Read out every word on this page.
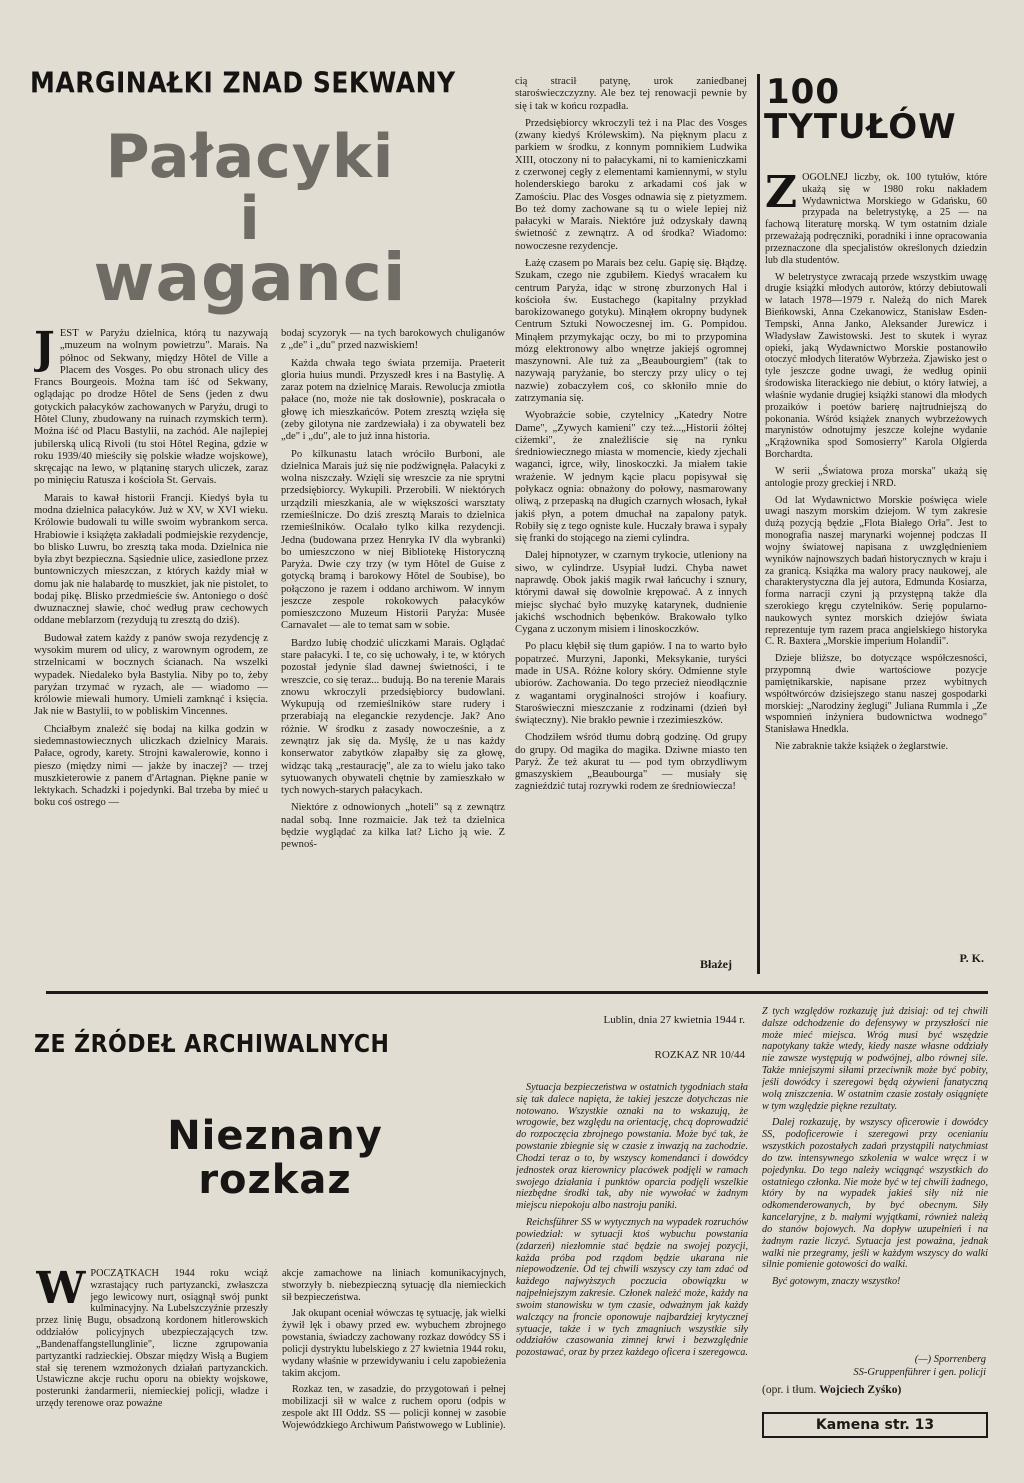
MARGINAŁKI ZNAD SEKWANY
Pałacyki
i
waganci

JEST w Paryżu dzielnica, którą tu nazywają „muzeum na wolnym powietrzu". Marais. Na północ od Sekwany, między Hôtel de Ville a Placem des Vosges. Po obu stronach ulicy des Francs Bourgeois. Można tam iść od Sekwany, oglądając po drodze Hôtel de Sens (jeden z dwu gotyckich pałacyków zachowanych w Paryżu, drugi to Hôtel Cluny, zbudowany na ruinach rzymskich term). Można iść od Placu Bastylii, na zachód. Ale najlepiej jubilerską ulicą Rivoli (tu stoi Hôtel Regina, gdzie w roku 1939/40 mieściły się polskie władze wojskowe), skręcając na lewo, w plątaninę starych uliczek, zaraz po minięciu Ratusza i kościoła St. Gervais.

Marais to kawał historii Francji. Kiedyś była tu modna dzielnica pałacyków. Już w XV, w XVI wieku. Królowie budowali tu wille swoim wybrankom serca. Hrabiowie i książęta zakładali podmiejskie rezydencje, bo blisko Luwru, bo zresztą taka moda. Dzielnica nie była zbyt bezpieczna. Sąsiednie ulice, zasiedlone przez buntowniczych mieszczan, z których każdy miał w domu jak nie halabardę to muszkiet, jak nie pistolet, to bodaj pikę. Blisko przedmieście św. Antoniego o dość dwuznacznej sławie, choć według praw cechowych oddane meblarzom (rezydują tu zresztą do dziś).

Budował zatem każdy z panów swoja rezydencję z wysokim murem od ulicy, z warownym ogrodem, ze strzelnicami w bocznych ścianach. Na wszelki wypadek. Niedaleko była Bastylia. Niby po to, żeby paryżan trzymać w ryzach, ale — wiadomo — królowie miewali humory. Umieli zamknąć i księcia. Jak nie w Bastylii, to w pobliskim Vincennes.

Chciałbym znaleźć się bodaj na kilka godzin w siedemnastowiecznych uliczkach dzielnicy Marais. Pałace, ogrody, karety. Strojni kawalerowie, konno i pieszo (między nimi — jakże by inaczej? — trzej muszkieterowie z panem d'Artagnan. Piękne panie w lektykach. Schadzki i pojedynki. Bal trzeba by mieć u boku coś ostrego —

bodaj scyzoryk — na tych barokowych chuliganów z „de" i „du" przed nazwiskiem!

Każda chwała tego świata przemija. Praeterit gloria huius mundi. Przyszedł kres i na Bastylię. A zaraz potem na dzielnicę Marais. Rewolucja zmiotła pałace (no, może nie tak dosłownie), poskracała o głowę ich mieszkańców. Potem zresztą wzięła się (zeby gilotyna nie zardzewiała) i za obywateli bez „de" i „du", ale to już inna historia.

Po kilkunastu latach wróciło Burboni, ale dzielnica Marais już się nie podźwignęła. Pałacyki z wolna niszczały. Wzięli się wreszcie za nie sprytni przedsiębiorcy. Wykupili. Przerobili. W niektórych urządzili mieszkania, ale w większości warsztaty rzemieślnicze. Do dziś zresztą Marais to dzielnica rzemieślników. Ocalało tylko kilka rezydencji. Jedna (budowana przez Henryka IV dla wybranki) bo umieszczono w niej Bibliotekę Historyczną Paryża. Dwie czy trzy (w tym Hôtel de Guise z gotycką bramą i barokowy Hôtel de Soubise), bo połączono je razem i oddano archiwom. W innym jeszcze zespole rokokowych pałacyków pomieszczono Muzeum Historii Paryża: Musée Carnavalet — ale to temat sam w sobie.

Bardzo lubię chodzić uliczkami Marais. Oglądać stare pałacyki. I te, co się uchowały, i te, w których pozostał jedynie ślad dawnej świetności, i te wreszcie, co się teraz... budują. Bo na terenie Marais znowu wkroczyli przedsiębiorcy budowlani. Wykupują od rzemieślników stare rudery i przerabiają na eleganckie rezydencje. Jak? Ano różnie. W środku z zasady nowocześnie, a z zewnątrz jak się da. Myślę, że u nas każdy konserwator zabytków złapałby się za głowę, widząc taką „restaurację", ale za to wielu jako tako sytuowanych obywateli chętnie by zamieszkało w tych nowych-starych pałacykach.

Niektóre z odnowionych „hoteli" są z zewnątrz nadal sobą. Inne rozmaicie. Jak też ta dzielnica będzie wyglądać za kilka lat? Licho ją wie. Z pewnoś-

cią stracił patynę, urok zaniedbanej staroświeczczyzny. Ale bez tej renowacji pewnie by się i tak w końcu rozpadła.

Przedsiębiorcy wkroczyli też i na Plac des Vosges (zwany kiedyś Królewskim). Na pięknym placu z parkiem w środku, z konnym pomnikiem Ludwika XIII, otoczony ni to pałacykami, ni to kamieniczkami z czerwonej cegły z elementami kamiennymi, w stylu holenderskiego baroku z arkadami coś jak w Zamościu. Plac des Vosges odnawia się z pietyzmem. Bo też domy zachowane są tu o wiele lepiej niż pałacyki w Marais. Niektóre już odzyskały dawną świetność z zewnątrz. A od środka? Wiadomo: nowoczesne rezydencje.

Łażę czasem po Marais bez celu. Gapię się. Błądzę. Szukam, czego nie zgubiłem. Kiedyś wracałem ku centrum Paryża, idąc w stronę zburzonych Hal i kościoła św. Eustachego (kapitalny przykład barokizowanego gotyku). Minąłem okropny budynek Centrum Sztuki Nowoczesnej im. G. Pompidou. Minąłem przymykając oczy, bo mi to przypomina mózg elektronowy albo wnętrze jakiejś ogromnej maszynowni. Ale tuż za „Beaubourgiem" (tak to nazywają paryżanie, bo sterczy przy ulicy o tej nazwie) zobaczyłem coś, co skłoniło mnie do zatrzymania się.

Wyobraźcie sobie, czytelnicy „Katedry Notre Dame", „Zywych kamieni" czy też...„Historii żółtej ciżemki", że znaleźliście się na rynku średniowiecznego miasta w momencie, kiedy zjechali waganci, igrce, wiły, linoskoczki. Ja miałem takie wrażenie. W jednym kącie placu popisywał się połykacz ognia: obnażony do połowy, nasmarowany oliwą, z przepaską na długich czarnych włosach, łykał jakiś płyn, a potem dmuchał na zapalony patyk. Robiły się z tego ogniste kule. Huczały brawa i sypały się franki do stojącego na ziemi cylindra.

Dalej hipnotyzer, w czarnym trykocie, utleniony na siwo, w cylindrze. Usypiał ludzi. Chyba nawet naprawdę. Obok jakiś magik rwał łańcuchy i sznury, którymi dawał się dowolnie krępować. A z innych miejsc słychać było muzykę katarynek, dudnienie jakichś wschodnich bębenków. Brakowało tylko Cygana z uczonym misiem i linoskoczków.

Po placu kłębił się tłum gapiów. I na to warto było popatrzeć. Murzyni, Japonki, Meksykanie, turyści made in USA. Różne kolory skóry. Odmienne style ubiorów. Zachowania. Do tego przecież nieodłącznie z wagantami oryginalności strojów i koafiury. Staroświeczni mieszczanie z rodzinami (dzień był świąteczny). Nie brakło pewnie i rzezimieszków.

Chodziłem wśród tłumu dobrą godzinę. Od grupy do grupy. Od magika do magika. Dziwne miasto ten Paryż. Że też akurat tu — pod tym obrzydliwym gmaszyskiem „Beaubourga" — musiały się zagnieździć tutaj rozrywki rodem ze średniowiecza!

Błażej
100
TYTUŁÓW

ZOGÓLNEJ liczby, ok. 100 tytułów, które ukażą się w 1980 roku nakładem Wydawnictwa Morskiego w Gdańsku, 60 przypada na beletrystykę, a 25 — na fachową literaturę morską. W tym ostatnim dziale przeważają podręczniki, poradniki i inne opracowania przeznaczone dla specjalistów określonych dziedzin lub dla studentów.

W beletrystyce zwracają przede wszystkim uwagę drugie książki młodych autorów, którzy debiutowali w latach 1978—1979 r. Należą do nich Marek Bieńkowski, Anna Czekanowicz, Stanisław Esden-Tempski, Anna Janko, Aleksander Jurewicz i Władysław Zawistowski. Jest to skutek i wyraz opieki, jaką Wydawnictwo Morskie postanowiło otoczyć młodych literatów Wybrzeża. Zjawisko jest o tyle jeszcze godne uwagi, że według opinii środowiska literackiego nie debiut, o który łatwiej, a właśnie wydanie drugiej książki stanowi dla młodych prozaików i poetów barierę najtrudniejszą do pokonania. Wśród książek znanych wybrzeżowych marynistów odnotujmy jeszcze kolejne wydanie „Krążownika spod Somosierry" Karola Olgierda Borchardta.

W serii „Światowa proza morska" ukażą się antologie prozy greckiej i NRD.

Od lat Wydawnictwo Morskie poświęca wiele uwagi naszym morskim dziejom. W tym zakresie dużą pozycją będzie „Flota Białego Orła". Jest to monografia naszej marynarki wojennej podczas II wojny światowej napisana z uwzględnieniem wyników najnowszych badań historycznych w kraju i za granicą. Książka ma walory pracy naukowej, ale charakterystyczna dla jej autora, Edmunda Kosiarza, forma narracji czyni ją przystępną także dla szerokiego kręgu czytelników. Serię popularno-naukowych syntez morskich dziejów świata reprezentuje tym razem praca angielskiego historyka C. R. Baxtera „Morskie imperium Holandii".

Dzieje bliższe, bo dotyczące współczesności, przypomną dwie wartościowe pozycje pamiętnikarskie, napisane przez wybitnych współtwórców dzisiejszego stanu naszej gospodarki morskiej: „Narodziny żeglugi" Juliana Rummla i „Ze wspomnień inżyniera budownictwa wodnego" Stanisława Hnedkla.

Nie zabraknie także książek o żeglarstwie.

P. K.
ZE ŹRÓDEŁ ARCHIWALNYCH
Nieznany
rozkaz

WPOCZĄTKACH 1944 roku wciąż wzrastający ruch partyzancki, zwłaszcza jego lewicowy nurt, osiągnął swój punkt kulminacyjny. Na Lubelszczyźnie przeszły przez linię Bugu, obsadzoną kordonem hitlerowskich oddziałów policyjnych ubezpieczających tzw. „Bandenaffangstellunglinie", liczne zgrupowania partyzantki radzieckiej. Obszar między Wisłą a Bugiem stał się terenem wzmożonych działań partyzanckich. Ustawiczne akcje ruchu oporu na obiekty wojskowe, posterunki żandarmerii, niemieckiej policji, władze i urzędy terenowe oraz poważne

akcje zamachowe na liniach komunikacyjnych, stworzyły b. niebezpieczną sytuację dla niemieckich sił bezpieczeństwa.

Jak okupant oceniał wówczas tę sytuację, jak wielki żywił lęk i obawy przed ew. wybuchem zbrojnego powstania, świadczy zachowany rozkaz dowódcy SS i policji dystryktu lubelskiego z 27 kwietnia 1944 roku, wydany właśnie w przewidywaniu i celu zapobieżenia takim akcjom.

Rozkaz ten, w zasadzie, do przygotowań i pełnej mobilizacji sił w walce z ruchem oporu (odpis w zespole akt III Oddz. SS — policji konnej w zasobie Wojewódzkiego Archiwum Państwowego w Lublinie).

Lublin, dnia 27 kwietnia 1944 r.
ROZKAZ NR 10/44

Sytuacja bezpieczeństwa w ostatnich tygodniach stała się tak dalece napięta, że takiej jeszcze dotychczas nie notowano. Wszystkie oznaki na to wskazują, że wrogowie, bez względu na orientację, chcą doprowadzić do rozpoczęcia zbrojnego powstania. Może być tak, że powstanie zbiegnie się w czasie z inwazją na zachodzie. Chodzi teraz o to, by wszyscy komendanci i dowódcy jednostek oraz kierownicy placówek podjęli w ramach swojego działania i punktów oparcia podjęli wszelkie niezbędne środki tak, aby nie wywołać w żadnym miejscu niepokoju albo nastroju paniki.

Reichsführer SS w wytycznych na wypadek rozruchów powiedział: w sytuacji ktoś wybuchu powstania (zdarzeń) niezłomnie stać będzie na swojej pozycji, każda próba pod rządom będzie ukarana nie niepowodzenie. Od tej chwili wszyscy czy tam zdać od każdego najwyższych poczucia obowiązku w najpełniejszym zakresie. Członek należć może, każdy na swoim stanowisku w tym czasie, odważnym jak każdy walczący na froncie oponowuje najbardziej krytycznej sytuacje, także i w tych zmagniuch wszystkie siły oddziałów czasowania zimnej krwi i bezwzględnie pozostawać, oraz by przez każdego oficera i szeregowca.

Z tych względów rozkazuję już dzisiaj: od tej chwili dalsze odchodzenie do defensywy w przyszłości nie może mieć miejsca. Wróg musi być wszędzie napotykany także wtedy, kiedy nasze własne oddziały nie zawsze występują w podwójnej, albo równej sile. Także mniejszymi siłami przeciwnik może być pobity, jeśli dowódcy i szeregowi będą ożywieni fanatyczną wolą zniszczenia. W ostatnim czasie zostały osiągnięte w tym względzie piękne rezultaty.

Dalej rozkazuję, by wszyscy oficerowie i dowódcy SS, podoficerowie i szeregowi przy ocenianiu wszystkich pozostałych zadań przystąpili natychmiast do tzw. intensywnego szkolenia w walce wręcz i w pojedynku. Do tego należy wciągnąć wszystkich do ostatniego członka. Nie może być w tej chwili żadnego, który by na wypadek jakieś siły niż nie odkomenderowanych, by być obecnym. Siły kancelaryjne, z b. małymi wyjątkami, również należą do stanów bojowych. Na dopływ uzupełnień i na żadnym razie liczyć. Sytuacja jest poważna, jednak walki nie przegramy, jeśli w każdym wszyscy do walki silnie pomienie gotowości do walki.

Być gotowym, znaczy wszystko!

(—) Sporrenberg
SS-Gruppenführer i gen. policji
(opr. i tłum. Wojciech Zyśko)
Kamena str. 13
